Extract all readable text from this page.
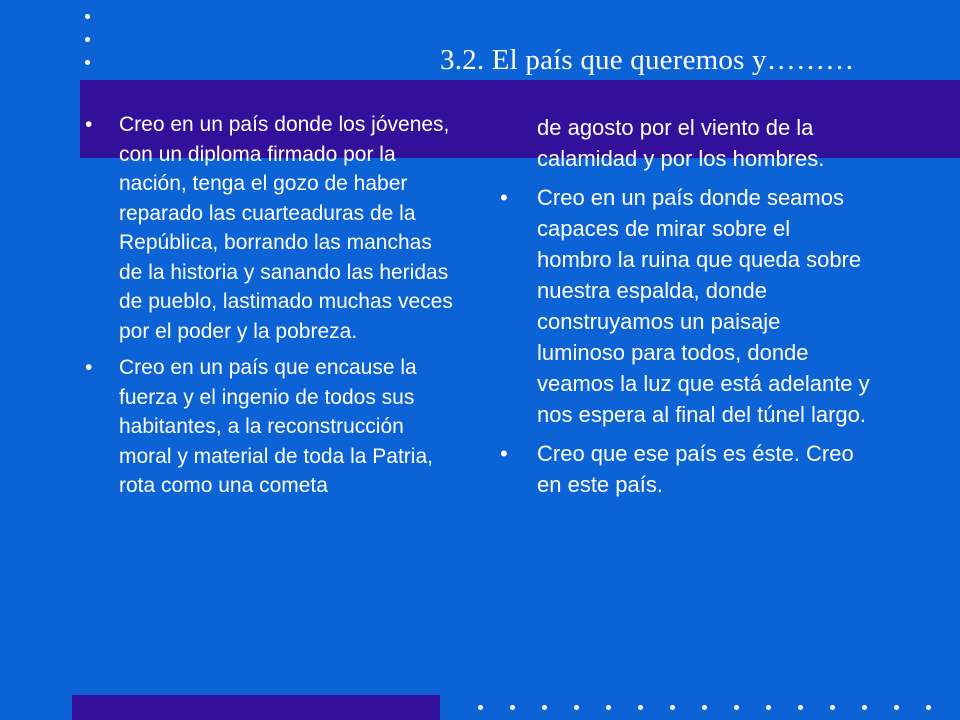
3.2. El país que queremos y………
• Creo en un país donde los jóvenes, con un diploma firmado por la nación, tenga el gozo de haber reparado las cuarteaduras de la República, borrando las manchas de la historia y sanando las heridas de pueblo, lastimado muchas veces por el poder y la pobreza.
• Creo en un país que encause la fuerza y el ingenio de todos sus habitantes, a la reconstrucción moral y material de toda la Patria, rota como una cometa
de agosto por el viento de la calamidad y por los hombres.
• Creo en un país donde seamos capaces de mirar sobre el hombro la ruina que queda sobre nuestra espalda, donde construyamos un paisaje luminoso para todos, donde veamos la luz que está adelante y nos espera al final del túnel largo.
• Creo que ese país es éste. Creo en este país.
